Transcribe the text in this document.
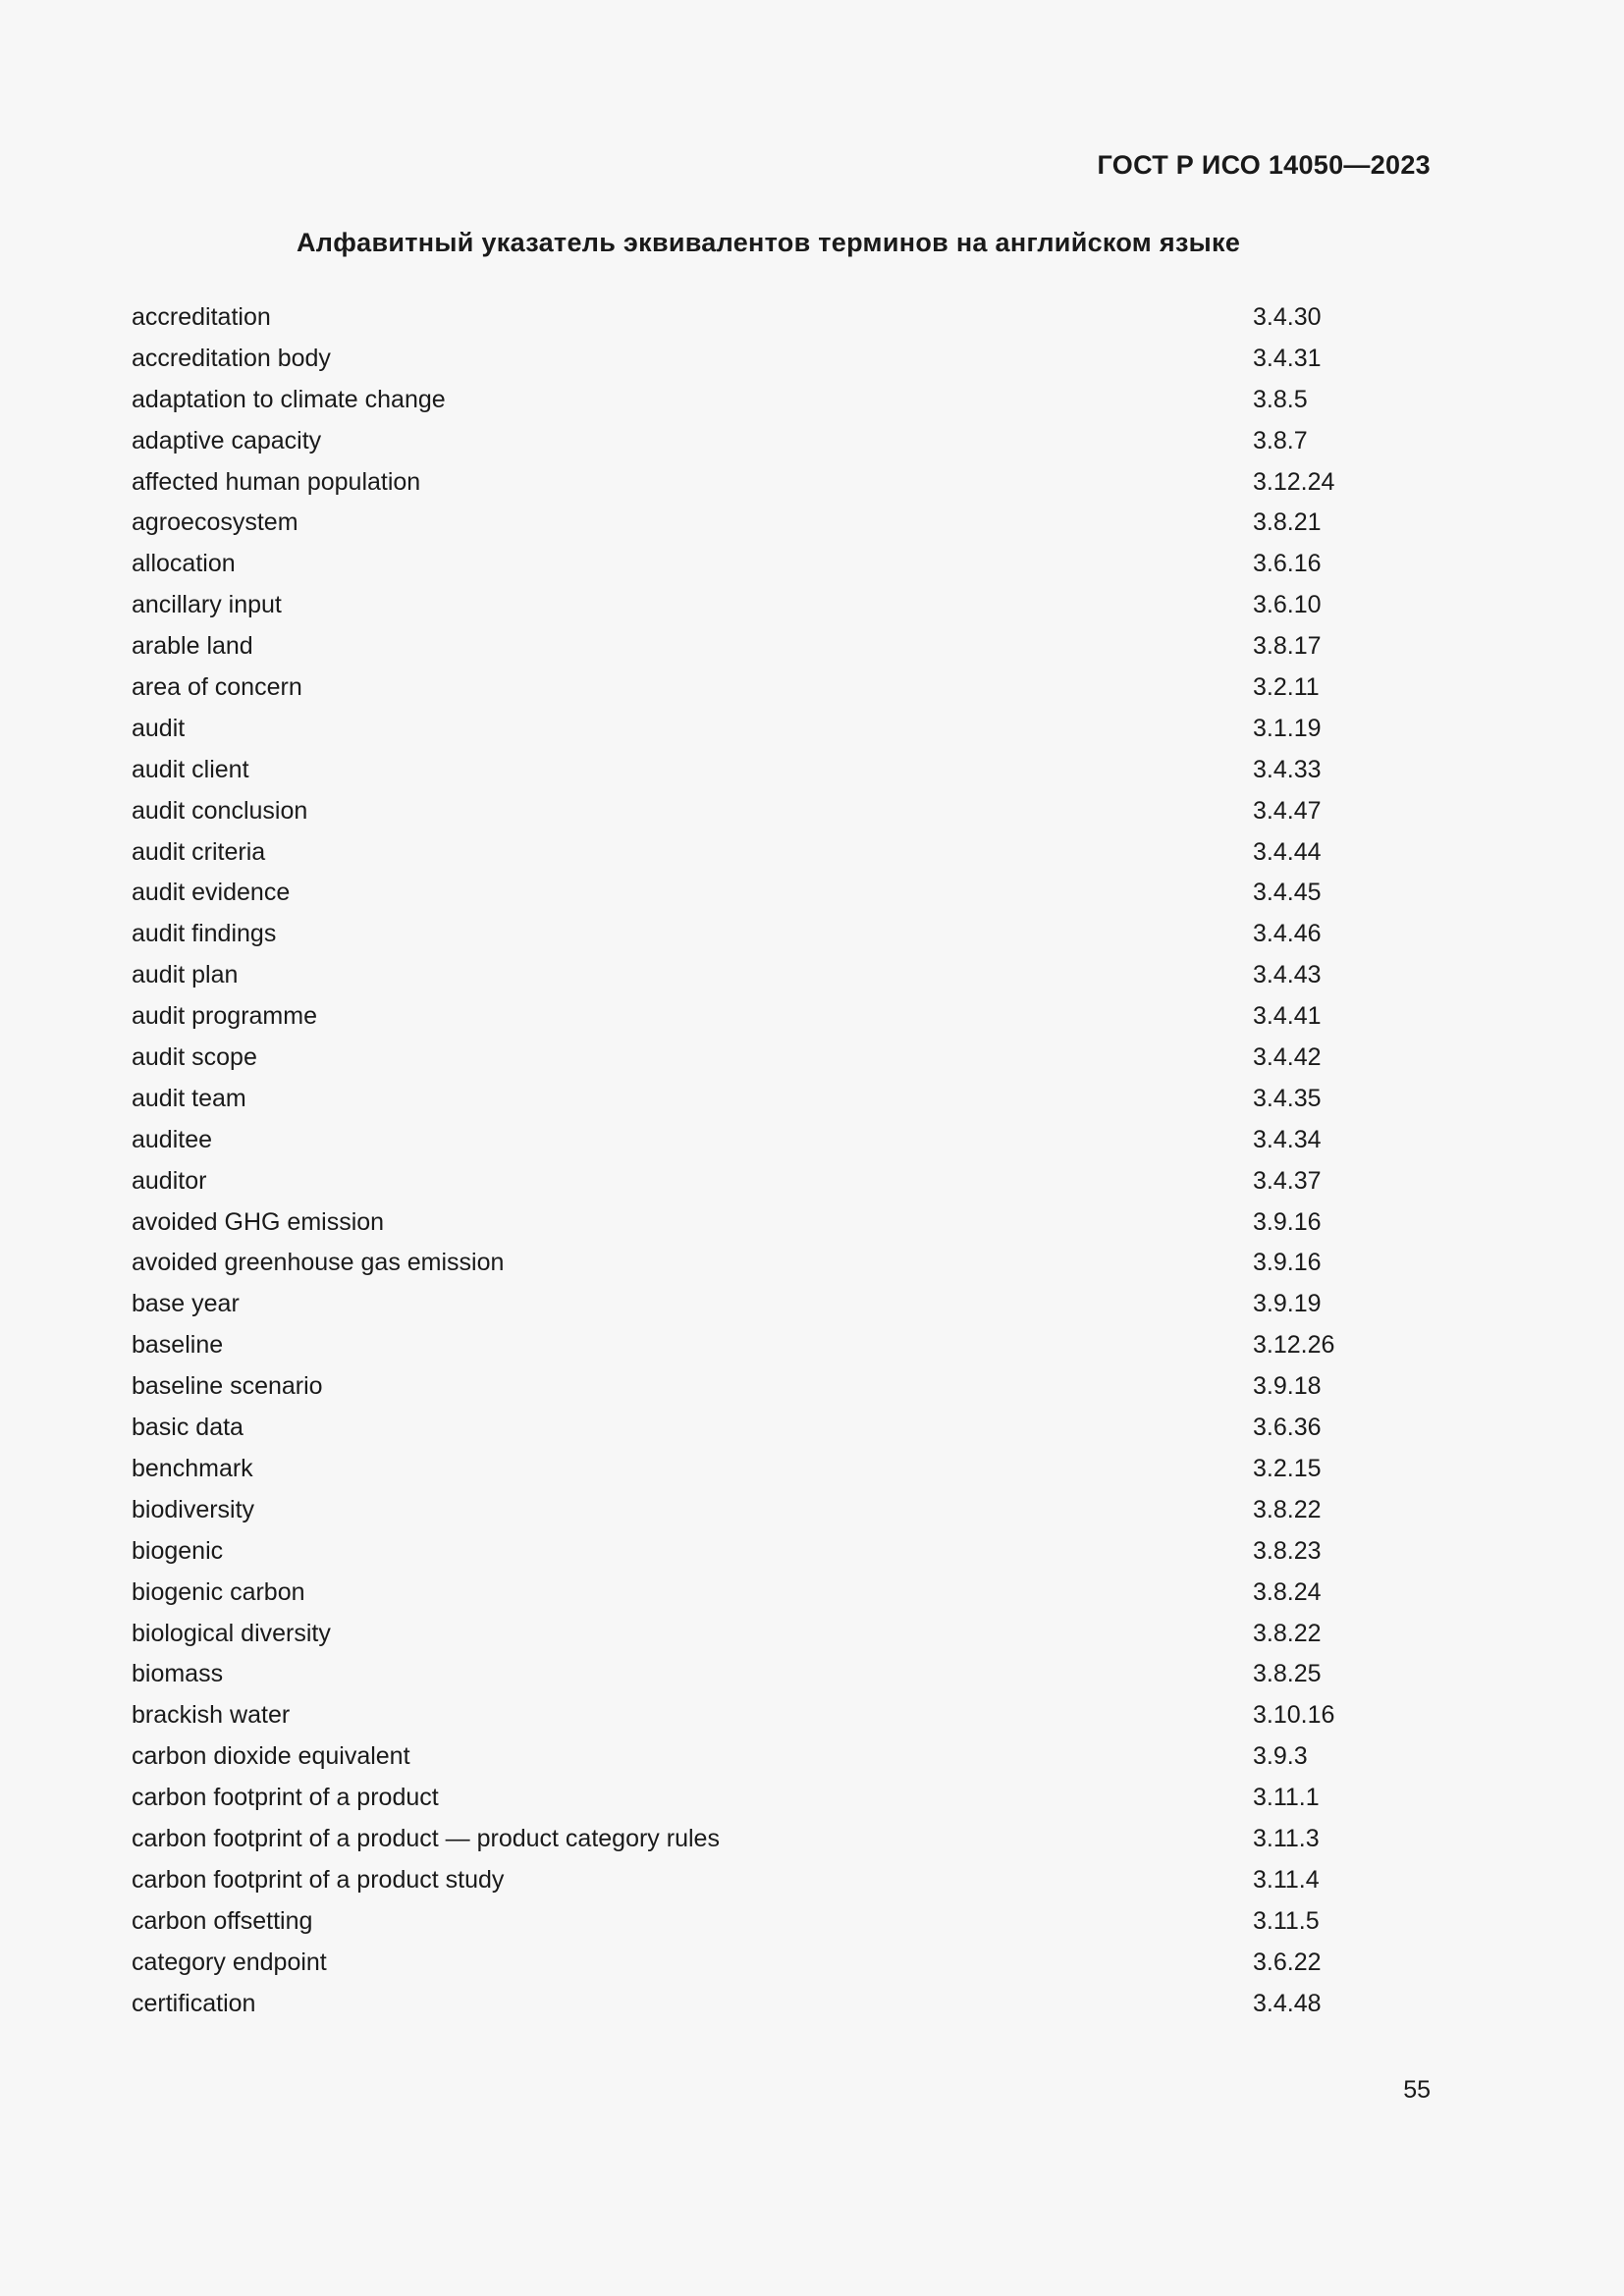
ГОСТ Р ИСО 14050—2023
Алфавитный указатель эквивалентов терминов на английском языке
accreditation	3.4.30
accreditation body	3.4.31
adaptation to climate change	3.8.5
adaptive capacity	3.8.7
affected human population	3.12.24
agroecosystem	3.8.21
allocation	3.6.16
ancillary input	3.6.10
arable land	3.8.17
area of concern	3.2.11
audit	3.1.19
audit client	3.4.33
audit conclusion	3.4.47
audit criteria	3.4.44
audit evidence	3.4.45
audit findings	3.4.46
audit plan	3.4.43
audit programme	3.4.41
audit scope	3.4.42
audit team	3.4.35
auditee	3.4.34
auditor	3.4.37
avoided GHG emission	3.9.16
avoided greenhouse gas emission	3.9.16
base year	3.9.19
baseline	3.12.26
baseline scenario	3.9.18
basic data	3.6.36
benchmark	3.2.15
biodiversity	3.8.22
biogenic	3.8.23
biogenic carbon	3.8.24
biological diversity	3.8.22
biomass	3.8.25
brackish water	3.10.16
carbon dioxide equivalent	3.9.3
carbon footprint of a product	3.11.1
carbon footprint of a product — product category rules	3.11.3
carbon footprint of a product study	3.11.4
carbon offsetting	3.11.5
category endpoint	3.6.22
certification	3.4.48
55
